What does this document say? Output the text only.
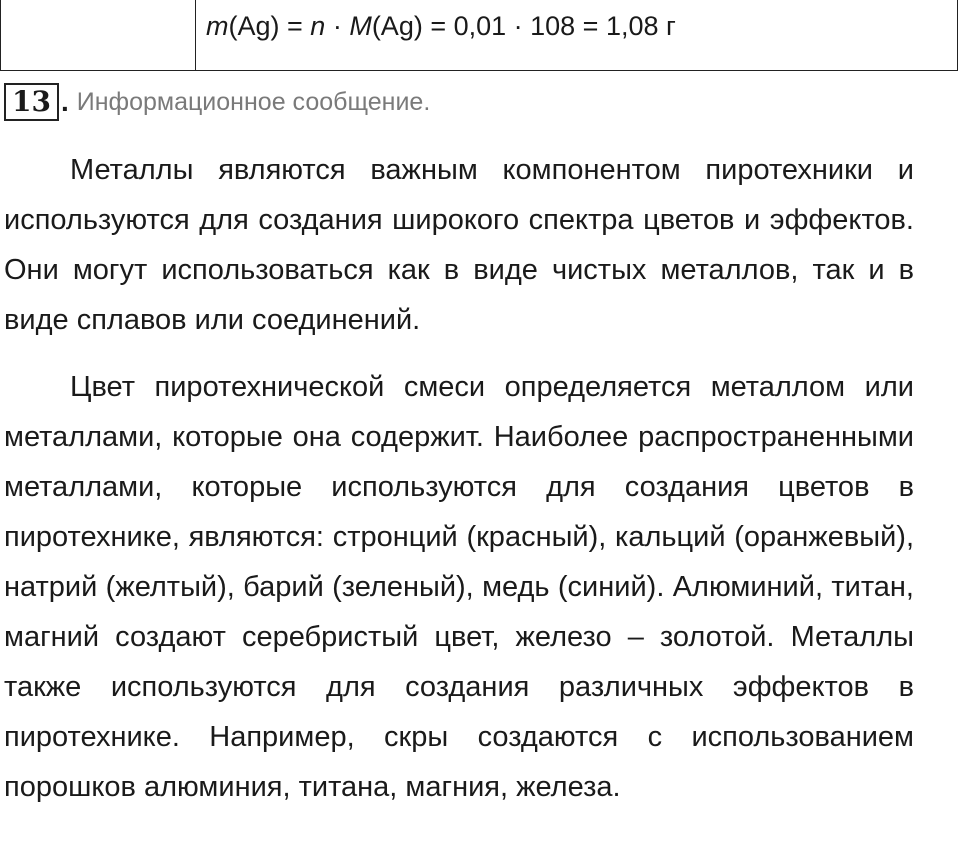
m(Ag) = n · M(Ag) = 0,01 · 108 = 1,08 г
13 . Информационное сообщение.

Металлы являются важным компонентом пиротехники и используются для создания широкого спектра цветов и эффектов. Они могут использоваться как в виде чистых металлов, так и в виде сплавов или соединений.

Цвет пиротехнической смеси определяется металлом или металлами, которые она содержит. Наиболее распространенными металлами, которые используются для создания цветов в пиротехнике, являются: стронций (красный), кальций (оранжевый), натрий (желтый), барий (зеленый), медь (синий). Алюминий, титан, магний создают серебристый цвет, железо – золотой. Металлы также используются для создания различных эффектов в пиротехнике. Например, скры создаются с использованием порошков алюминия, титана, магния, железа.
